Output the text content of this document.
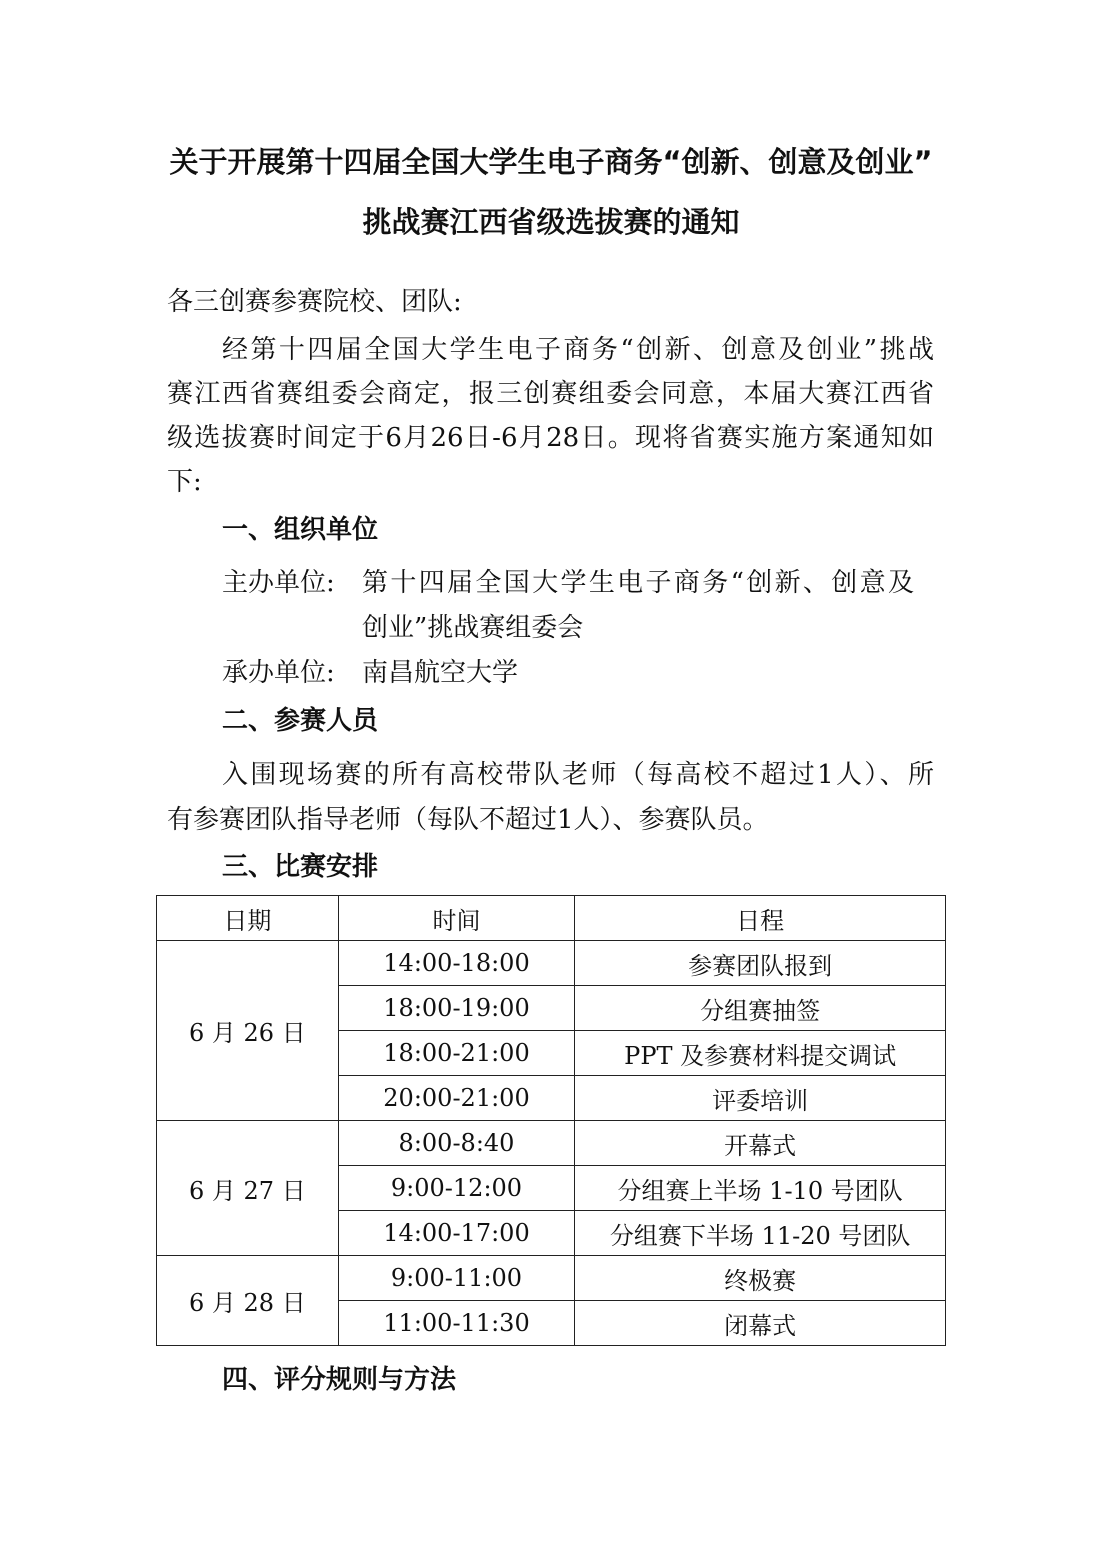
关于开展第十四届全国大学生电子商务“创新、创意及创业”
挑战赛江西省级选拔赛的通知
各三创赛参赛院校、团队:
经第十四届全国大学生电子商务“创新、创意及创业”挑战
赛江西省赛组委会商定，报三创赛组委会同意，本届大赛江西省
级选拔赛时间定于6月26日-6月28日。现将省赛实施方案通知如
下:
一、组织单位
主办单位: 第十四届全国大学生电子商务“创新、创意及
创业”挑战赛组委会
承办单位: 南昌航空大学
二、参赛人员
入围现场赛的所有高校带队老师（每高校不超过1人）、所
有参赛团队指导老师（每队不超过1人）、参赛队员。
三、比赛安排
日期	时间	日程
6 月 26 日	14:00-18:00	参赛团队报到
	18:00-19:00	分组赛抽签
	18:00-21:00	PPT 及参赛材料提交调试
	20:00-21:00	评委培训
6 月 27 日	8:00-8:40	开幕式
	9:00-12:00	分组赛上半场 1-10 号团队
	14:00-17:00	分组赛下半场 11-20 号团队
6 月 28 日	9:00-11:00	终极赛
	11:00-11:30	闭幕式
四、评分规则与方法
